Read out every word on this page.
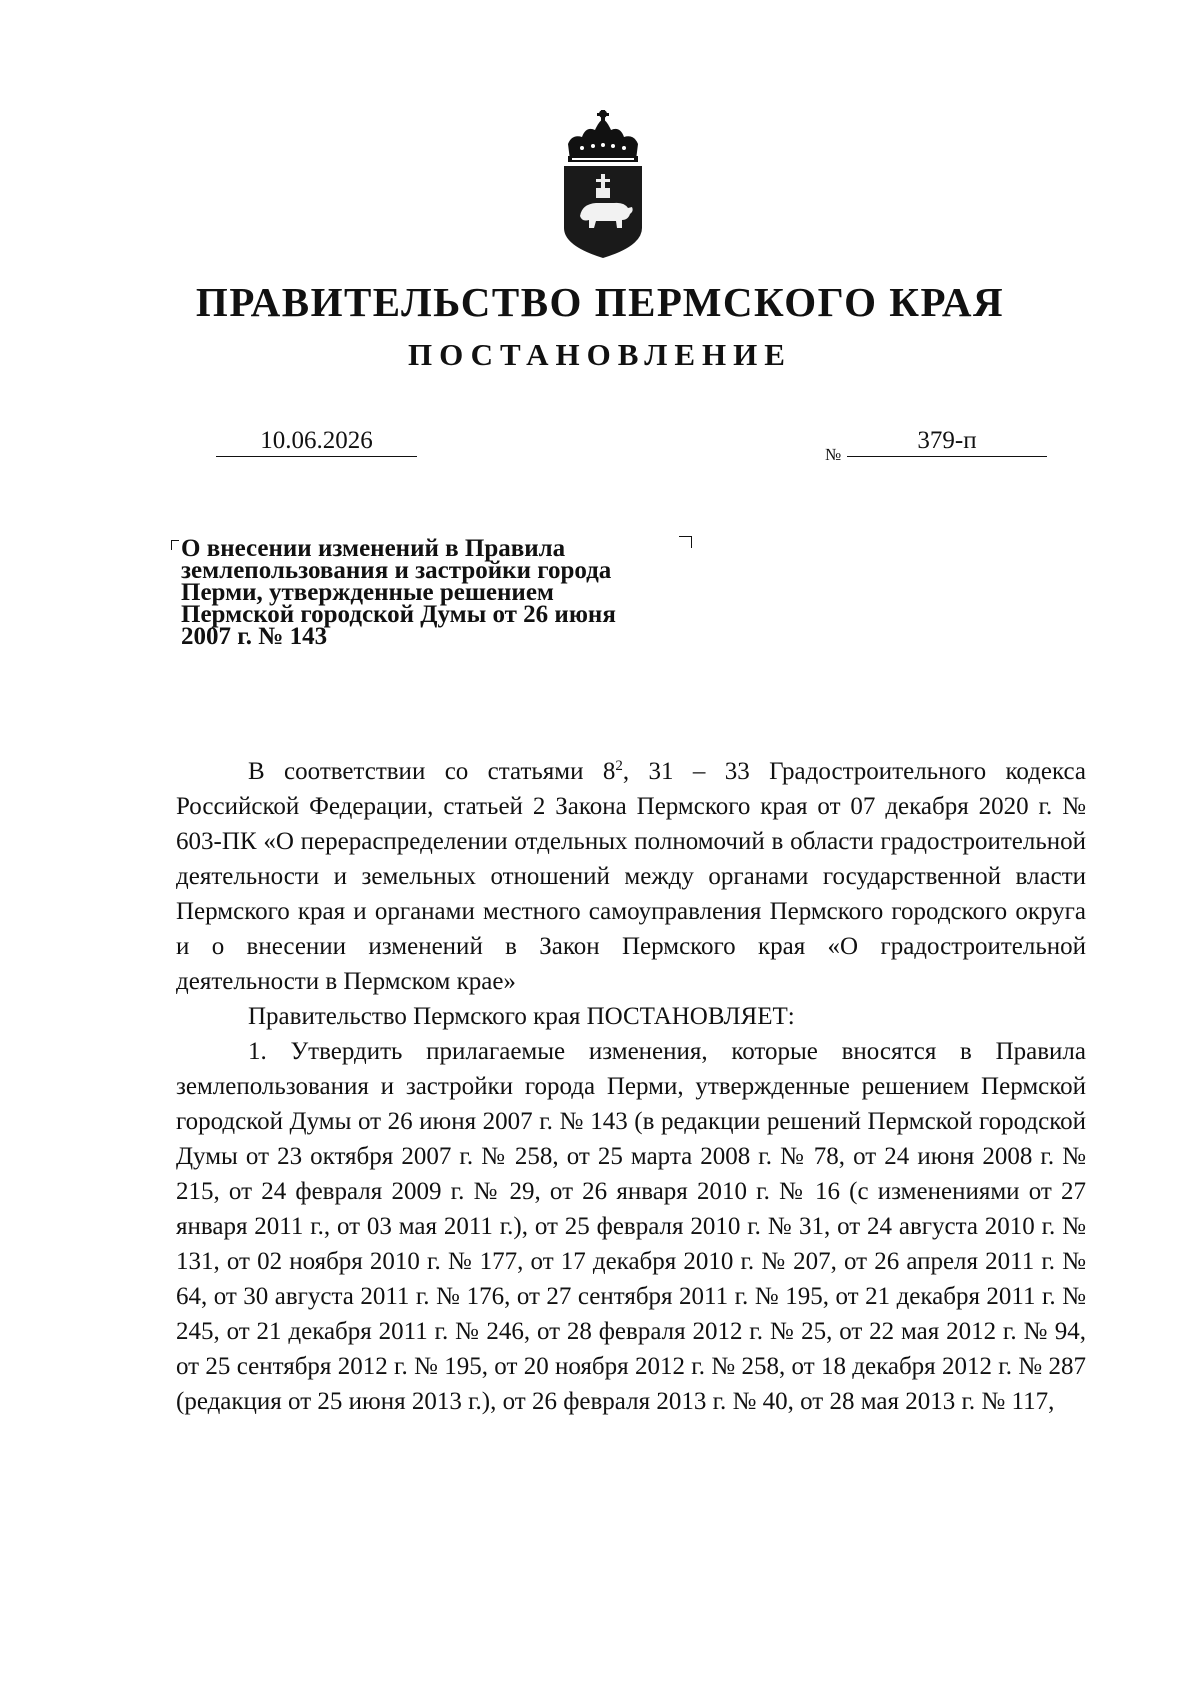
ПРАВИТЕЛЬСТВО ПЕРМСКОГО КРАЯ
ПОСТАНОВЛЕНИЕ
10.06.2026
№
379-п
О внесении изменений в Правила
землепользования и застройки города
Перми, утвержденные решением
Пермской городской Думы от 26 июня
2007 г. № 143

В соответствии со статьями $8^2$, 31 – 33 Градостроительного кодекса Российской Федерации, статьей 2 Закона Пермского края от 07 декабря 2020 г. № 603-ПК «О перераспределении отдельных полномочий в области градостроительной деятельности и земельных отношений между органами государственной власти Пермского края и органами местного самоуправления Пермского городского округа и о внесении изменений в Закон Пермского края «О градостроительной деятельности в Пермском крае»

Правительство Пермского края ПОСТАНОВЛЯЕТ:

1. Утвердить прилагаемые изменения, которые вносятся в Правила землепользования и застройки города Перми, утвержденные решением Пермской городской Думы от 26 июня 2007 г. № 143 (в редакции решений Пермской городской Думы от 23 октября 2007 г. № 258, от 25 марта 2008 г. № 78, от 24 июня 2008 г. № 215, от 24 февраля 2009 г. № 29, от 26 января 2010 г. № 16 (с изменениями от 27 января 2011 г., от 03 мая 2011 г.), от 25 февраля 2010 г. № 31, от 24 августа 2010 г. № 131, от 02 ноября 2010 г. № 177, от 17 декабря 2010 г. № 207, от 26 апреля 2011 г. № 64, от 30 августа 2011 г. № 176, от 27 сентября 2011 г. № 195, от 21 декабря 2011 г. № 245, от 21 декабря 2011 г. № 246, от 28 февраля 2012 г. № 25, от 22 мая 2012 г. № 94, от 25 сентября 2012 г. № 195, от 20 ноября 2012 г. № 258, от 18 декабря 2012 г. № 287 (редакция от 25 июня 2013 г.), от 26 февраля 2013 г. № 40, от 28 мая 2013 г. № 117,
